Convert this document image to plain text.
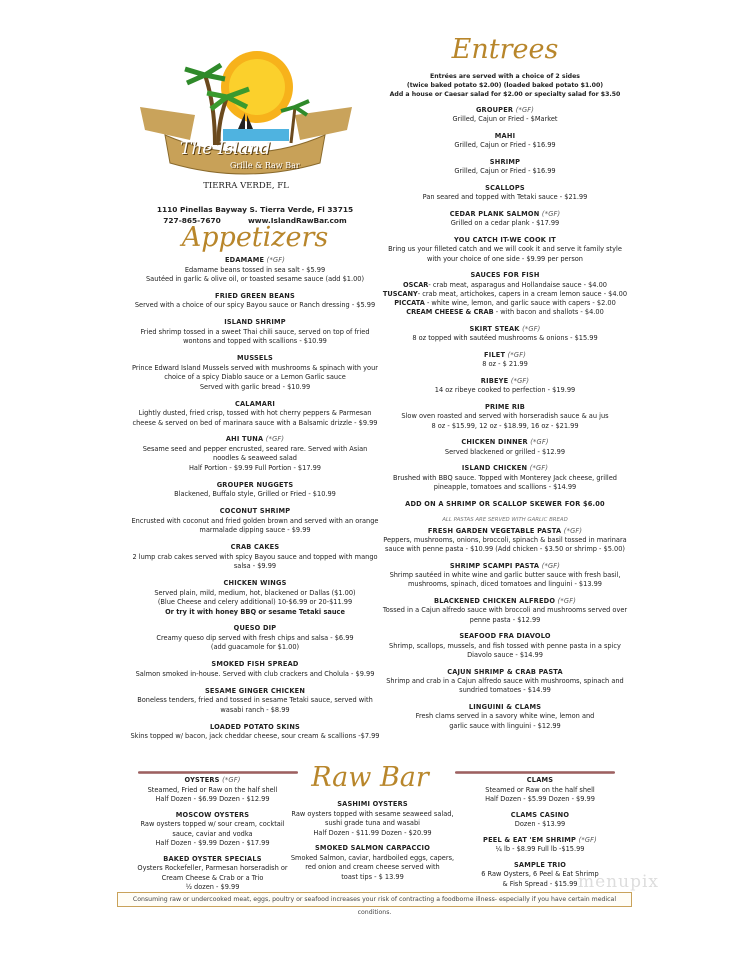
The Island
Grille & Raw Bar
TIERRA VERDE, FL
1110 Pinellas Bayway S. Tierra Verde, Fl 33715
727-865-7670	www.IslandRawBar.com
Appetizers
Entrees
EDAMAME (*GF)
Edamame beans tossed in sea salt - $5.99
Sautéed in garlic & olive oil, or toasted sesame sauce (add $1.00)
FRIED GREEN BEANS
Served with a choice of our spicy Bayou sauce or Ranch dressing - $5.99
ISLAND SHRIMP
Fried shrimp tossed in a sweet Thai chili sauce, served on top of fried
wontons and topped with scallions - $10.99
MUSSELS
Prince Edward Island Mussels served with mushrooms & spinach with your
choice of a spicy Diablo sauce or a Lemon Garlic sauce
Served with garlic bread - $10.99
CALAMARI
Lightly dusted, fried crisp, tossed with hot cherry peppers & Parmesan
cheese & served on bed of marinara sauce with a Balsamic drizzle - $9.99
AHI TUNA (*GF)
Sesame seed and pepper encrusted, seared rare. Served with Asian
noodles & seaweed salad
Half Portion - $9.99 Full Portion - $17.99
GROUPER NUGGETS
Blackened, Buffalo style, Grilled or Fried - $10.99
COCONUT SHRIMP
Encrusted with coconut and fried golden brown and served with an orange
marmalade dipping sauce - $9.99
CRAB CAKES
2 lump crab cakes served with spicy Bayou sauce and topped with mango
salsa - $9.99
CHICKEN WINGS
Served plain, mild, medium, hot, blackened or Dallas ($1.00)
(Blue Cheese and celery additional) 10-$6.99 or 20-$11.99
Or try it with honey BBQ or sesame Tetaki sauce
QUESO DIP
Creamy queso dip served with fresh chips and salsa - $6.99
(add guacamole for $1.00)
SMOKED FISH SPREAD
Salmon smoked in-house. Served with club crackers and Cholula - $9.99
SESAME GINGER CHICKEN
Boneless tenders, fried and tossed in sesame Tetaki sauce, served with
wasabi ranch - $8.99
LOADED POTATO SKINS
Skins topped w/ bacon, jack cheddar cheese, sour cream & scallions -$7.99
Entrées are served with a choice of 2 sides
(twice baked potato $2.00) (loaded baked potato $1.00)
Add a house or Caesar salad for $2.00 or specialty salad for $3.50
GROUPER (*GF)
Grilled, Cajun or Fried - $Market
MAHI
Grilled, Cajun or Fried - $16.99
SHRIMP
Grilled, Cajun or Fried - $16.99
SCALLOPS
Pan seared and topped with Tetaki sauce - $21.99
CEDAR PLANK SALMON (*GF)
Grilled on a cedar plank - $17.99
YOU CATCH IT-WE COOK IT
Bring us your filleted catch and we will cook it and serve it family style
with your choice of one side - $9.99 per person
SAUCES FOR FISH
OSCAR- crab meat, asparagus and Hollandaise sauce - $4.00
TUSCANY- crab meat, artichokes, capers in a cream lemon sauce - $4.00
PICCATA - white wine, lemon, and garlic sauce with capers - $2.00
CREAM CHEESE & CRAB - with bacon and shallots - $4.00
SKIRT STEAK (*GF)
8 oz topped with sautéed mushrooms & onions - $15.99
FILET (*GF)
8 oz - $ 21.99
RIBEYE (*GF)
14 oz ribeye cooked to perfection - $19.99
PRIME RIB
Slow oven roasted and served with horseradish sauce & au jus
8 oz - $15.99, 12 oz - $18.99, 16 oz - $21.99
CHICKEN DINNER (*GF)
Served blackened or grilled - $12.99
ISLAND CHICKEN (*GF)
Brushed with BBQ sauce. Topped with Monterey Jack cheese, grilled
pineapple, tomatoes and scallions - $14.99
ADD ON A SHRIMP OR SCALLOP SKEWER FOR $6.00
ALL PASTAS ARE SERVED WITH GARLIC BREAD
FRESH GARDEN VEGETABLE PASTA (*GF)
Peppers, mushrooms, onions, broccoli, spinach & basil tossed in marinara
sauce with penne pasta - $10.99 (Add chicken - $3.50 or shrimp - $5.00)
SHRIMP SCAMPI PASTA (*GF)
Shrimp sautéed in white wine and garlic butter sauce with fresh basil,
mushrooms, spinach, diced tomatoes and linguini - $13.99
BLACKENED CHICKEN ALFREDO (*GF)
Tossed in a Cajun alfredo sauce with broccoli and mushrooms served over
penne pasta - $12.99
SEAFOOD FRA DIAVOLO
Shrimp, scallops, mussels, and fish tossed with penne pasta in a spicy
Diavolo sauce - $14.99
CAJUN SHRIMP & CRAB PASTA
Shrimp and crab in a Cajun alfredo sauce with mushrooms, spinach and
sundried tomatoes - $14.99
LINGUINI & CLAMS
Fresh clams served in a savory white wine, lemon and
garlic sauce with linguini - $12.99
Raw Bar
OYSTERS (*GF)
Steamed, Fried or Raw on the half shell
Half Dozen - $6.99 Dozen - $12.99
MOSCOW OYSTERS
Raw oysters topped w/ sour cream, cocktail
sauce, caviar and vodka
Half Dozen - $9.99 Dozen - $17.99
BAKED OYSTER SPECIALS
Oysters Rockefeller, Parmesan horseradish or
Cream Cheese & Crab or a Trio
½ dozen - $9.99
SASHIMI OYSTERS
Raw oysters topped with sesame seaweed salad,
sushi grade tuna and wasabi
Half Dozen - $11.99 Dozen - $20.99
SMOKED SALMON CARPACCIO
Smoked Salmon, caviar, hardboiled eggs, capers,
red onion and cream cheese served with
toast tips - $ 13.99
CLAMS
Steamed or Raw on the half shell
Half Dozen - $5.99 Dozen - $9.99
CLAMS CASINO
Dozen - $13.99
PEEL & EAT 'EM SHRIMP (*GF)
¼ lb - $8.99 Full lb -$15.99
SAMPLE TRIO
6 Raw Oysters, 6 Peel & Eat Shrimp
& Fish Spread - $15.99 menupix
Consuming raw or undercooked meat, eggs, poultry or seafood increases your risk of contracting a foodborne illness- especially if you have certain medical conditions.
